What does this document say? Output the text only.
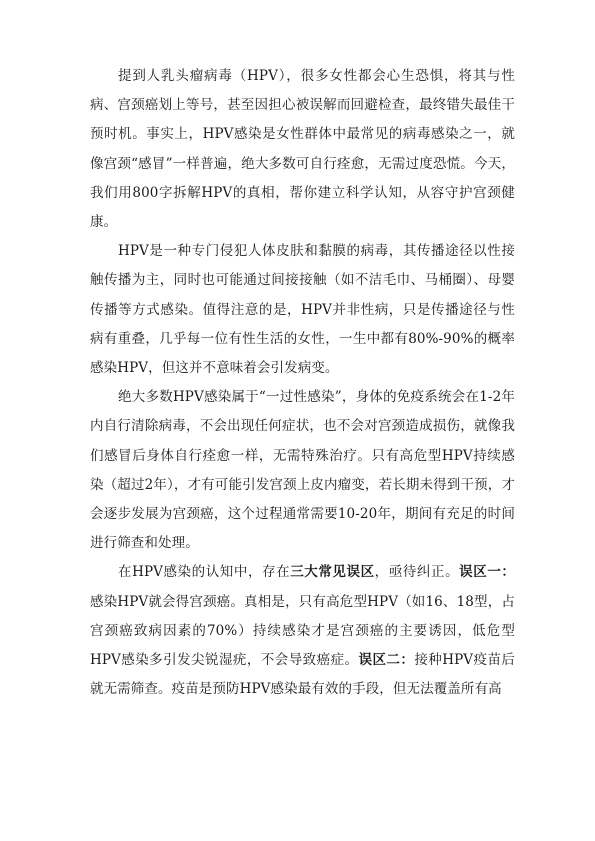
提到人乳头瘤病毒（HPV），很多女性都会心生恐惧，将其与性病、宫颈癌划上等号，甚至因担心被误解而回避检查，最终错失最佳干预时机。事实上，HPV感染是女性群体中最常见的病毒感染之一，就像宫颈“感冒”一样普遍，绝大多数可自行痊愈，无需过度恐慌。今天，我们用800字拆解HPV的真相，帮你建立科学认知，从容守护宫颈健康。

HPV是一种专门侵犯人体皮肤和黏膜的病毒，其传播途径以性接触传播为主，同时也可能通过间接接触（如不洁毛巾、马桶圈）、母婴传播等方式感染。值得注意的是，HPV并非性病，只是传播途径与性病有重叠，几乎每一位有性生活的女性，一生中都有80%-90%的概率感染HPV，但这并不意味着会引发病变。

绝大多数HPV感染属于“一过性感染”，身体的免疫系统会在1-2年内自行清除病毒，不会出现任何症状，也不会对宫颈造成损伤，就像我们感冒后身体自行痊愈一样，无需特殊治疗。只有高危型HPV持续感染（超过2年），才有可能引发宫颈上皮内瘤变，若长期未得到干预，才会逐步发展为宫颈癌，这个过程通常需要10-20年，期间有充足的时间进行筛查和处理。

在HPV感染的认知中，存在三大常见误区，亟待纠正。误区一：感染HPV就会得宫颈癌。真相是，只有高危型HPV（如16、18型，占宫颈癌致病因素的70%）持续感染才是宫颈癌的主要诱因，低危型HPV感染多引发尖锐湿疣，不会导致癌症。误区二：接种HPV疫苗后就无需筛查。疫苗是预防HPV感染最有效的手段，但无法覆盖所有高
